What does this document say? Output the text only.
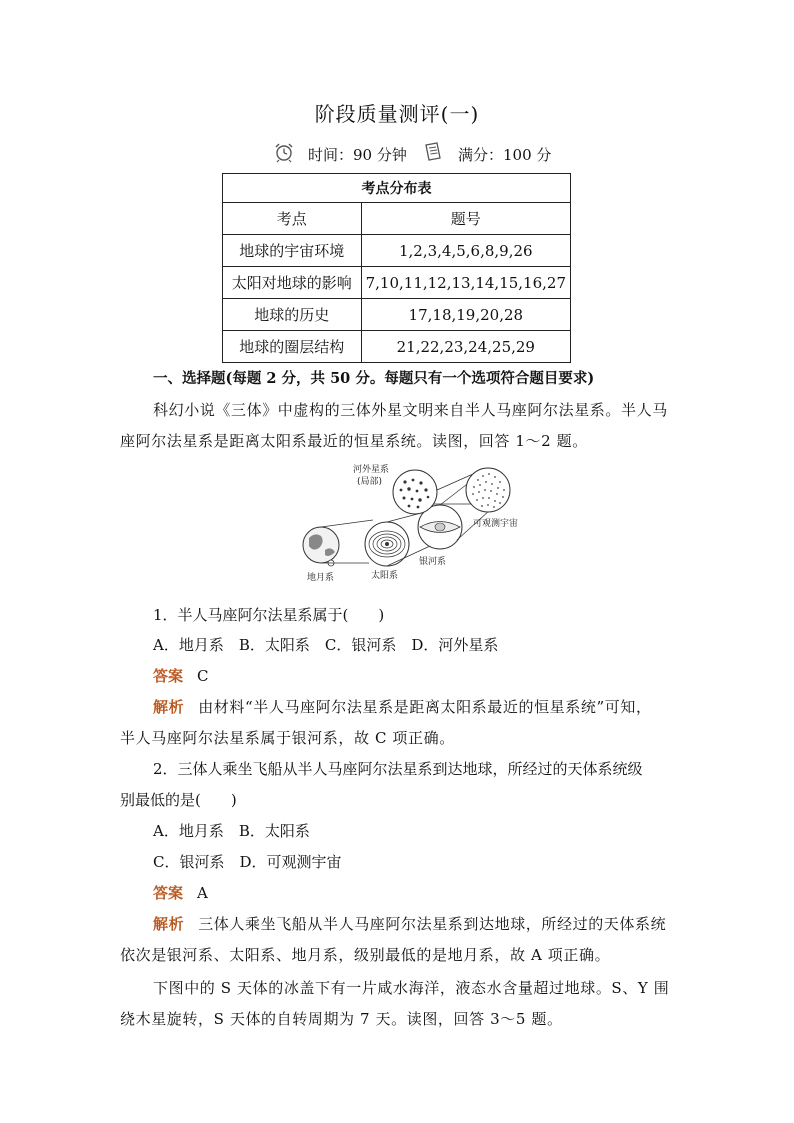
阶段质量测评(一)
时间：90 分钟	满分：100 分
考点分布表	
考点	题号
地球的宇宙环境	1,2,3,4,5,6,8,9,26
太阳对地球的影响	7,10,11,12,13,14,15,16,27
地球的历史	17,18,19,20,28
地球的圈层结构	21,22,23,24,25,29
一、选择题(每题 2 分，共 50 分。每题只有一个选项符合题目要求)
科幻小说《三体》中虚构的三体外星文明来自半人马座阿尔法星系。半人马
座阿尔法星系是距离太阳系最近的恒星系统。读图，回答 1～2 题。
河外星系
(局部)
可观测宇宙
银河系
太阳系
地月系
1．半人马座阿尔法星系属于(　　)
A．地月系　B．太阳系　C．银河系　D．河外星系
答案 C
解析 由材料“半人马座阿尔法星系是距离太阳系最近的恒星系统”可知，
半人马座阿尔法星系属于银河系，故 C 项正确。
2．三体人乘坐飞船从半人马座阿尔法星系到达地球，所经过的天体系统级
别最低的是(　　)
A．地月系　B．太阳系
C．银河系　D．可观测宇宙
答案 A
解析 三体人乘坐飞船从半人马座阿尔法星系到达地球，所经过的天体系统
依次是银河系、太阳系、地月系，级别最低的是地月系，故 A 项正确。
下图中的 S 天体的冰盖下有一片咸水海洋，液态水含量超过地球。S、Y 围
绕木星旋转，S 天体的自转周期为 7 天。读图，回答 3～5 题。
